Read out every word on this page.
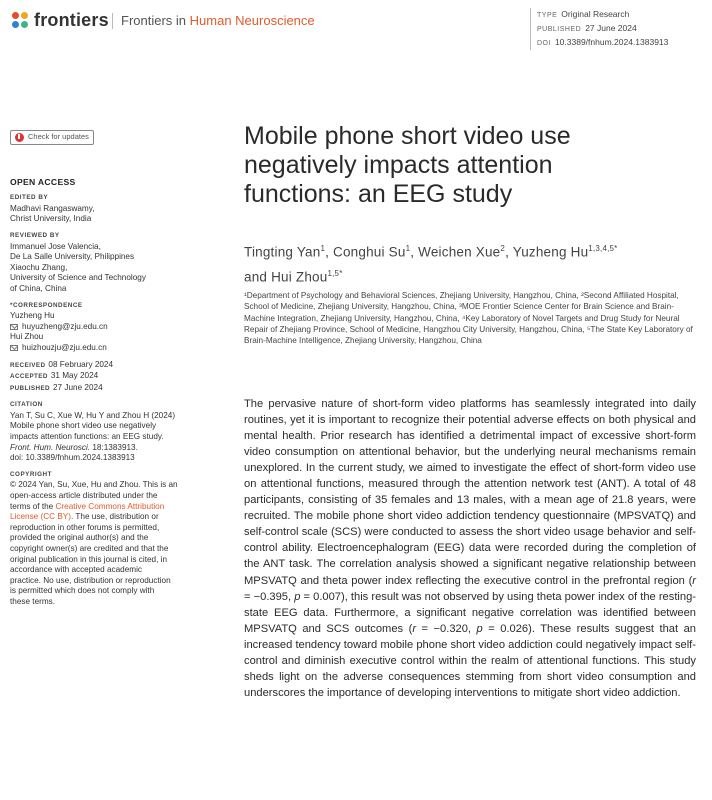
frontiers Frontiers in Human Neuroscience	TYPE Original Research
PUBLISHED 27 June 2024
DOI 10.3389/fnhum.2024.1383913
Check for updates
OPEN ACCESS
EDITED BY
Madhavi Rangaswamy,
Christ University, India
REVIEWED BY
Immanuel Jose Valencia,
De La Salle University, Philippines
Xiaochu Zhang,
University of Science and Technology
of China, China
*CORRESPONDENCE
Yuzheng Hu
huyuzheng@zju.edu.cn
Hui Zhou
huizhouzju@zju.edu.cn
RECEIVED 08 February 2024
ACCEPTED 31 May 2024
PUBLISHED 27 June 2024
CITATION
Yan T, Su C, Xue W, Hu Y and Zhou H (2024)
Mobile phone short video use negatively
impacts attention functions: an EEG study.
Front. Hum. Neurosci. 18:1383913.
doi: 10.3389/fnhum.2024.1383913
COPYRIGHT
© 2024 Yan, Su, Xue, Hu and Zhou. This is an
open-access article distributed under the
terms of the Creative Commons Attribution
License (CC BY). The use, distribution or
reproduction in other forums is permitted,
provided the original author(s) and the
copyright owner(s) are credited and that the
original publication in this journal is cited, in
accordance with accepted academic
practice. No use, distribution or reproduction
is permitted which does not comply with
these terms.
Mobile phone short video use
negatively impacts attention
functions: an EEG study
Tingting Yan$^1$, Conghui Su$^1$, Weichen Xue$^2$, Yuzheng $Hu^{1,3,4,5*}$
and Hui Zhou$^{1,5*}$
¹Department of Psychology and Behavioral Sciences, Zhejiang University, Hangzhou, China, ²Second Affiliated Hospital, School of Medicine, Zhejiang University, Hangzhou, China, ³MOE Frontier Science Center for Brain Science and Brain-Machine Integration, Zhejiang University, Hangzhou, China, ⁴Key Laboratory of Novel Targets and Drug Study for Neural Repair of Zhejiang Province, School of Medicine, Hangzhou City University, Hangzhou, China, ⁵The State Key Laboratory of Brain-Machine Intelligence, Zhejiang University, Hangzhou, China

The pervasive nature of short-form video platforms has seamlessly integrated into daily routines, yet it is important to recognize their potential adverse effects on both physical and mental health. Prior research has identified a detrimental impact of excessive short-form video consumption on attentional behavior, but the underlying neural mechanisms remain unexplored. In the current study, we aimed to investigate the effect of short-form video use on attentional functions, measured through the attention network test (ANT). A total of 48 participants, consisting of 35 females and 13 males, with a mean age of 21.8 years, were recruited. The mobile phone short video addiction tendency questionnaire (MPSVATQ) and self-control scale (SCS) were conducted to assess the short video usage behavior and self-control ability. Electroencephalogram (EEG) data were recorded during the completion of the ANT task. The correlation analysis showed a significant negative relationship between MPSVATQ and theta power index reflecting the executive control in the prefrontal region (r = −0.395, p = 0.007), this result was not observed by using theta power index of the resting-state EEG data. Furthermore, a significant negative correlation was identified between MPSVATQ and SCS outcomes (r = −0.320, p = 0.026). These results suggest that an increased tendency toward mobile phone short video addiction could negatively impact self-control and diminish executive control within the realm of attentional functions. This study sheds light on the adverse consequences stemming from short video consumption and underscores the importance of developing interventions to mitigate short video addiction.
